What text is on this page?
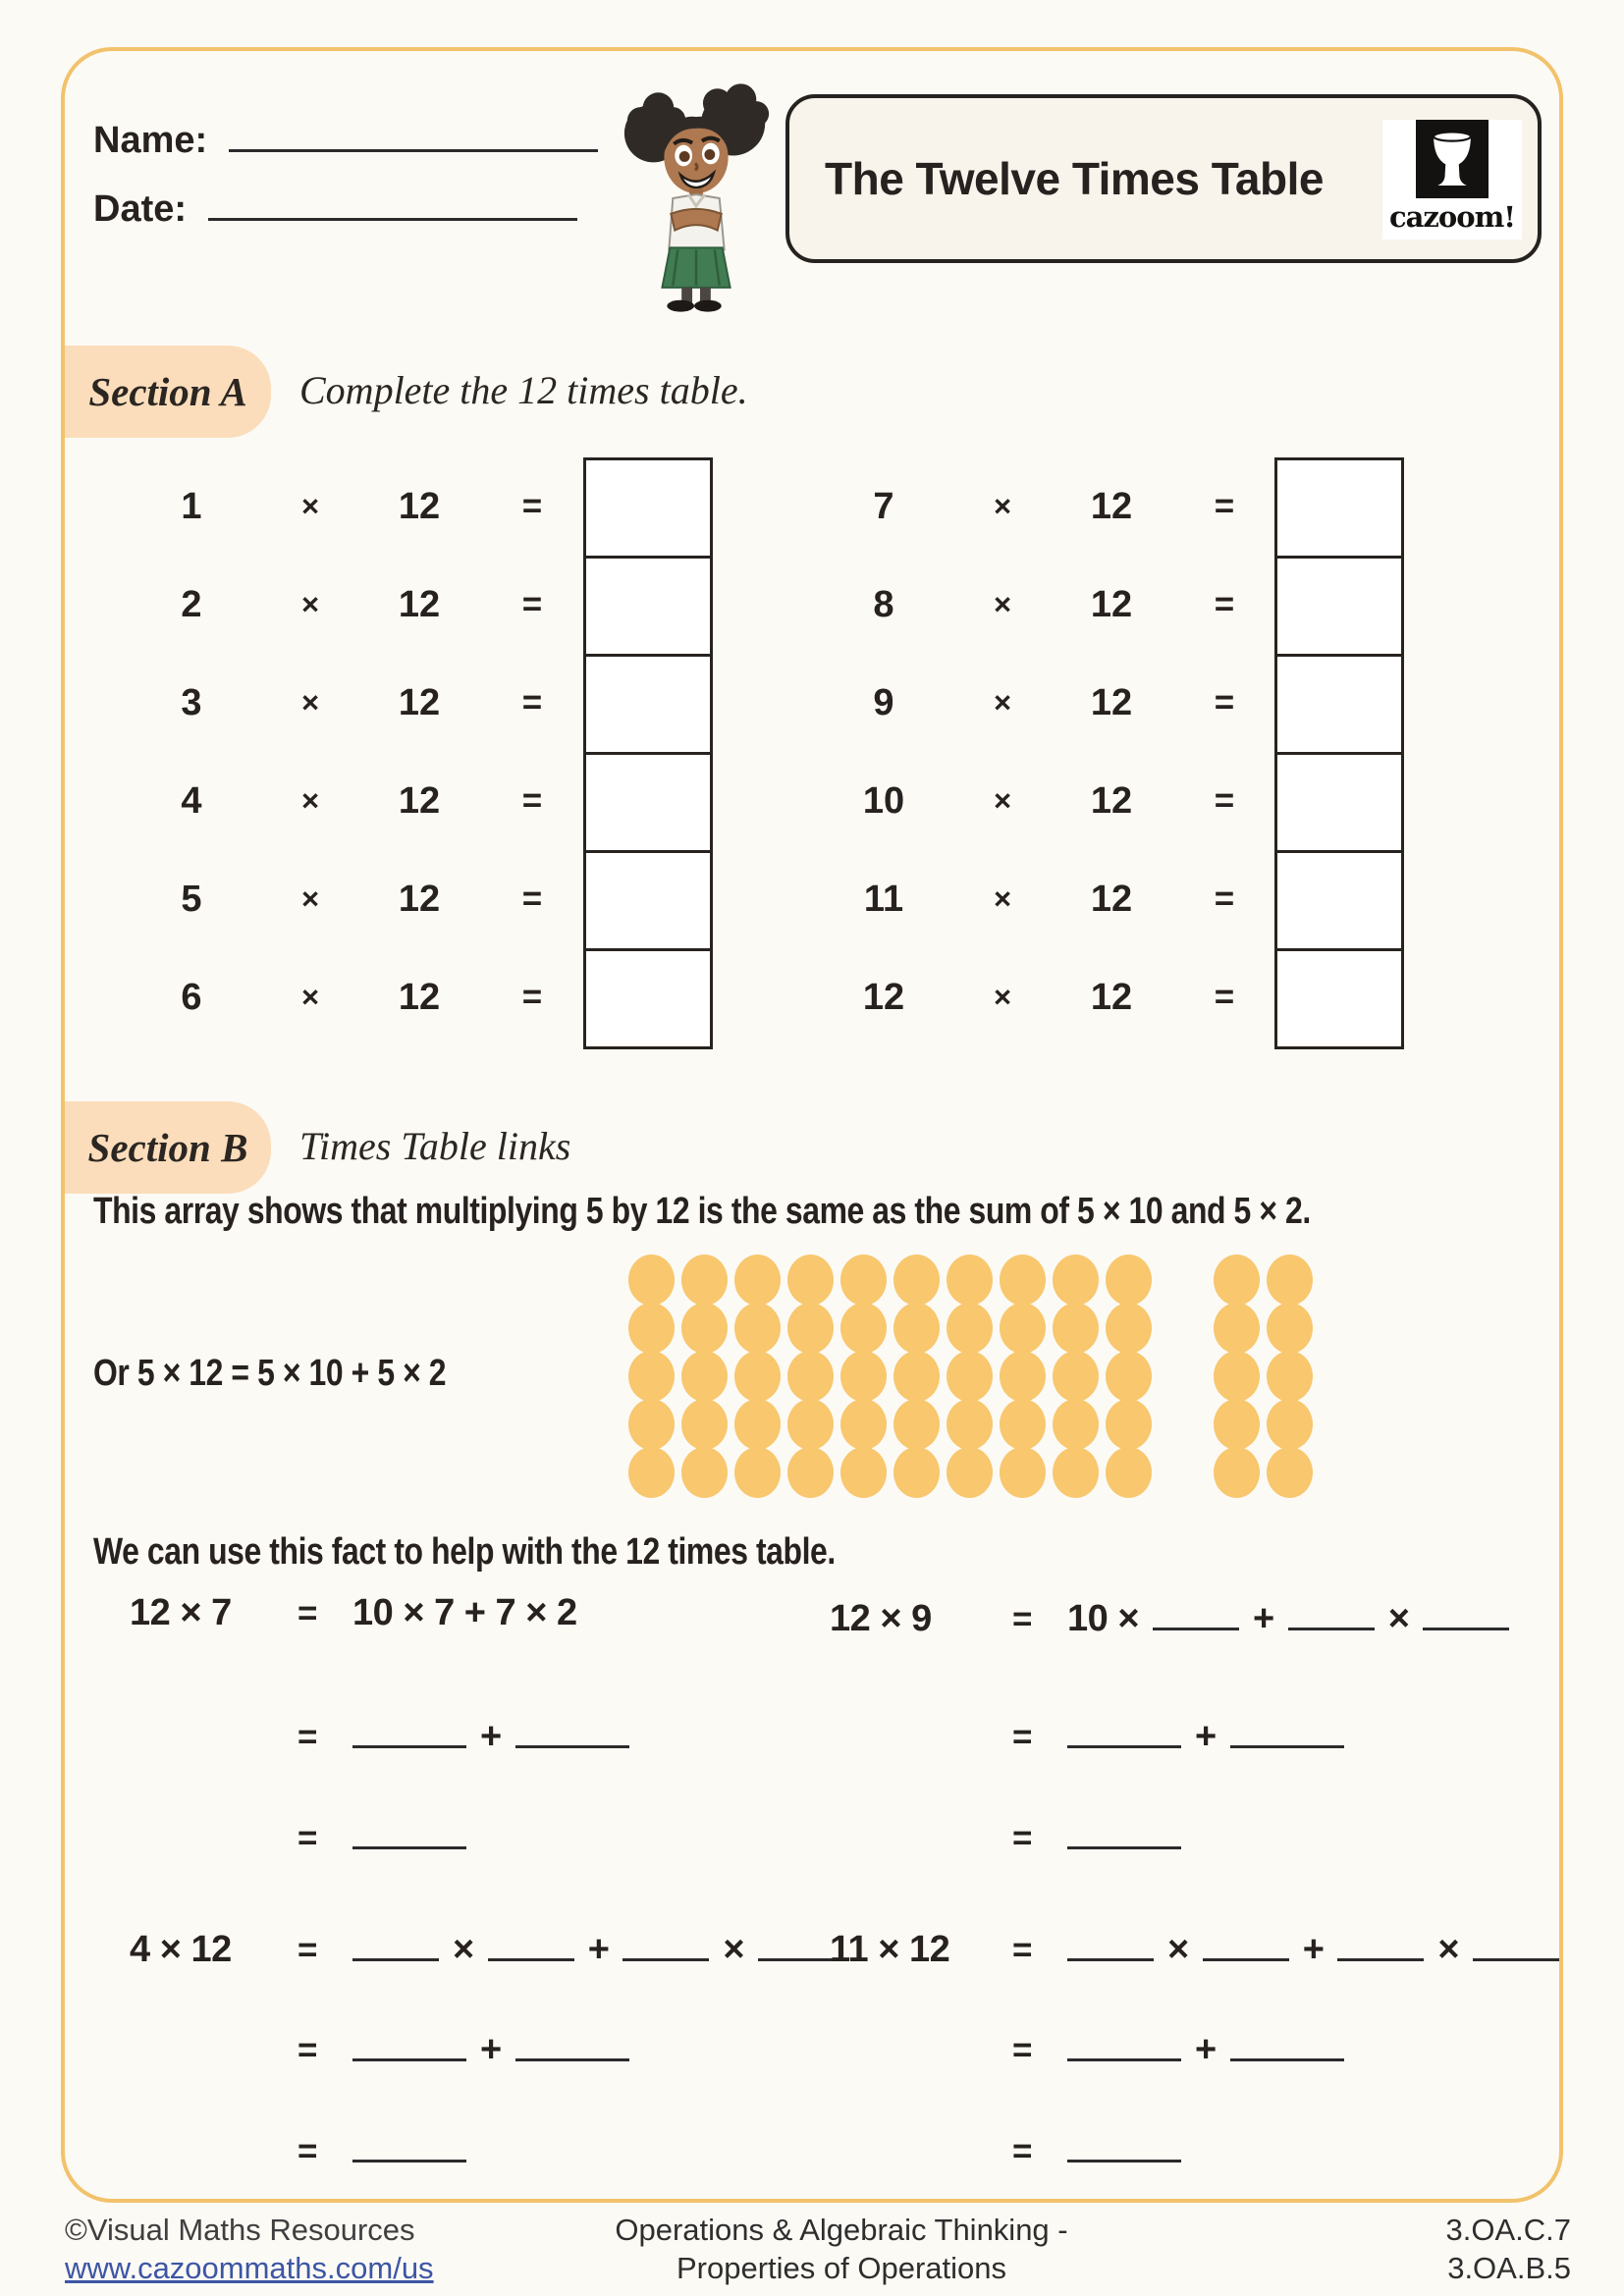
Name:
Date:
The Twelve Times Table
cazoom!
Section A	Complete the 12 times table.
1	×	12	=
2	×	12	=
3	×	12	=
4	×	12	=
5	×	12	=
6	×	12	=
7	×	12	=
8	×	12	=
9	×	12	=
10	×	12	=
11	×	12	=
12	×	12	=
Section B	Times Table links
This array shows that multiplying 5 by 12 is the same as the sum of 5 × 10 and 5 × 2.
Or 5 × 12 = 5 × 10 + 5 × 2
We can use this fact to help with the 12 times table.
12 × 7	= 10 × 7 + 7 × 2
=	+
=
12 × 9	= 10 ×	+	×
=	+
=
4 × 12	=	×	+	×
=	+
=
11 × 12	=	×	+	×
=	+
=
©Visual Maths Resources
www.cazoommaths.com/us
Operations & Algebraic Thinking -
Properties of Operations
3.OA.C.7
3.OA.B.5
